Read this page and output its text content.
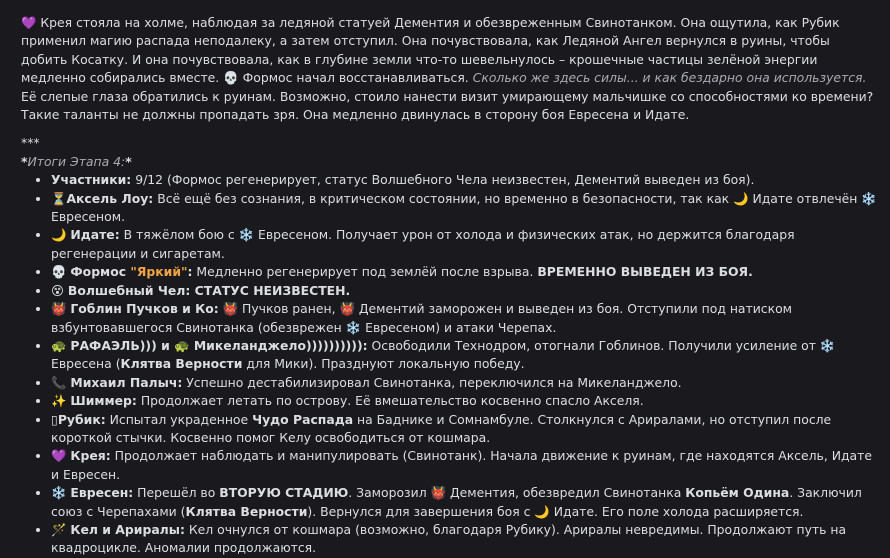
💜 Крея стояла на холме, наблюдая за ледяной статуей Дементия и обезвреженным Свинотанком. Она ощутила, как Рубик применил магию распада неподалеку, а затем отступил. Она почувствовала, как Ледяной Ангел вернулся в руины, чтобы добить Косатку. И она почувствовала, как в глубине земли что-то шевельнулось – крошечные частицы зелёной энергии медленно собирались вместе. 💀 Формос начал восстанавливаться. Сколько же здесь силы... и как бездарно она используется. Её слепые глаза обратились к руинам. Возможно, стоило нанести визит умирающему мальчишке со способностями ко времени? Такие таланты не должны пропадать зря. Она медленно двинулась в сторону боя Евресена и Идате.

***

*Итоги Этапа 4:*

• Участники: 9/12 (Формос регенерирует, статус Волшебного Чела неизвестен, Дементий выведен из боя).
• ⏳Аксель Лоу: Всё ещё без сознания, в критическом состоянии, но временно в безопасности, так как 🌙 Идате отвлечён ❄️ Евресеном.
• 🌙 Идате: В тяжёлом бою с ❄️ Евресеном. Получает урон от холода и физических атак, но держится благодаря регенерации и сигаретам.
• 💀 Формос "Яркий": Медленно регенерирует под землёй после взрыва. ВРЕМЕННО ВЫВЕДЕН ИЗ БОЯ.
• 😵 Волшебный Чел: СТАТУС НЕИЗВЕСТЕН.
• 👹 Гоблин Пучков и Ко: 👹 Пучков ранен, 👹 Дементий заморожен и выведен из боя. Отступили под натиском взбунтовавшегося Свинотанка (обезврежен ❄️ Евресеном) и атаки Черепах.
• 🐢 РАФАЭЛЬ))) и 🐢 Микеланджело)))))))))): Освободили Технодром, отогнали Гоблинов. Получили усиление от ❄️ Евресена (Клятва Верности для Мики). Празднуют локальную победу.
• 📞 Михаил Палыч: Успешно дестабилизировал Свинотанка, переключился на Микеланджело.
• ✨ Шиммер: Продолжает летать по острову. Её вмешательство косвенно спасло Акселя.
• ▯Рубик: Испытал украденное Чудо Распада на Баднике и Сомнамбуле. Столкнулся с Ариралами, но отступил после короткой стычки. Косвенно помог Келу освободиться от кошмара.
• 💜 Крея: Продолжает наблюдать и манипулировать (Свинотанк). Начала движение к руинам, где находятся Аксель, Идате и Евресен.
• ❄️ Евресен: Перешёл во ВТОРУЮ СТАДИЮ. Заморозил 👹 Дементия, обезвредил Свинотанка Копьём Одина. Заключил союз с Черепахами (Клятва Верности). Вернулся для завершения боя с 🌙 Идате. Его поле холода расширяется.
• 🪄 Кел и Ариралы: Кел очнулся от кошмара (возможно, благодаря Рубику). Ариралы невредимы. Продолжают путь на квадроцикле. Аномалии продолжаются.
